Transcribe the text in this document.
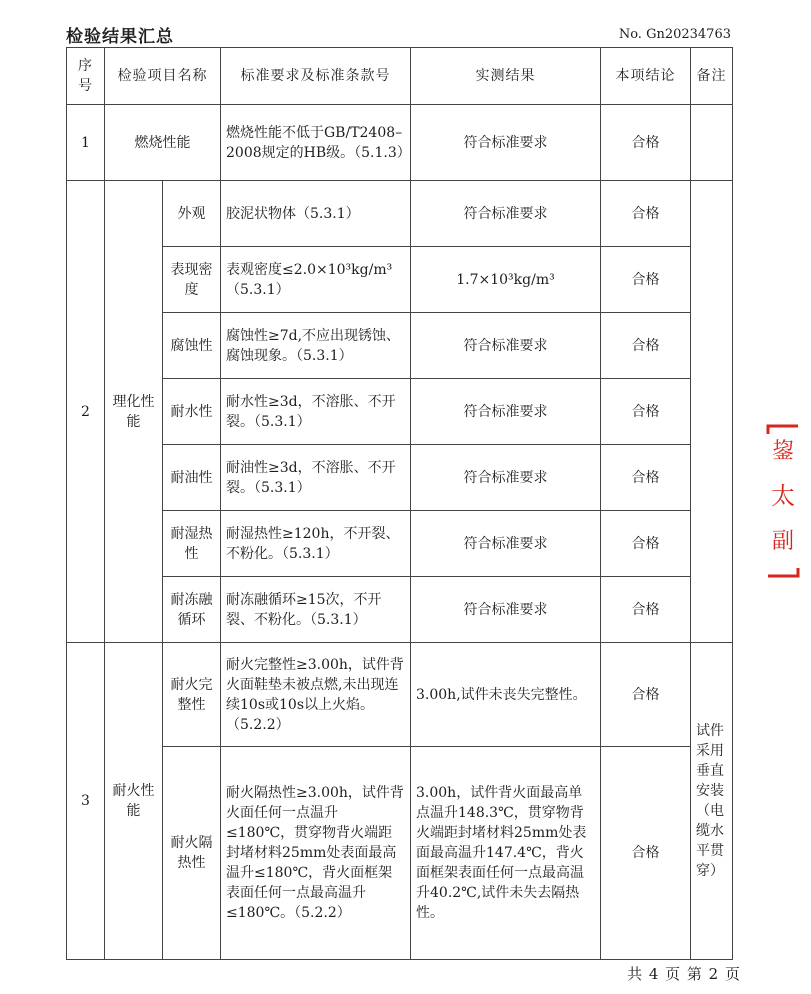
检验结果汇总	No. Gn20234763
序号	检验项目名称		标准要求及标准条款号	实测结果	本项结论	备注
1	燃烧性能		燃烧性能不低于GB/T2408–2008规定的HB级。（5.1.3）	符合标准要求	合格	
2	理化性能	外观	胶泥状物体（5.3.1）	符合标准要求	合格	
		表现密度	表观密度≤2.0×10³kg/m³（5.3.1）	1.7×10³kg/m³	合格	
		腐蚀性	腐蚀性≥7d,不应出现锈蚀、腐蚀现象。（5.3.1）	符合标准要求	合格	
		耐水性	耐水性≥3d，不溶胀、不开裂。（5.3.1）	符合标准要求	合格	
		耐油性	耐油性≥3d，不溶胀、不开裂。（5.3.1）	符合标准要求	合格	
		耐湿热性	耐湿热性≥120h，不开裂、不粉化。（5.3.1）	符合标准要求	合格	
		耐冻融循环	耐冻融循环≥15次，不开裂、不粉化。（5.3.1）	符合标准要求	合格	
3	耐火性能	耐火完整性	耐火完整性≥3.00h，试件背火面鞋垫未被点燃,未出现连续10s或10s以上火焰。（5.2.2）	3.00h,试件未丧失完整性。	合格	试件采用垂直安装（电缆水平贯穿）
		耐火隔热性	耐火隔热性≥3.00h，试件背火面任何一点温升≤180℃，贯穿物背火端距封堵材料25mm处表面最高温升≤180℃，背火面框架表面任何一点最高温升≤180℃。（5.2.2）	3.00h，试件背火面最高单点温升148.3℃，贯穿物背火端距封堵材料25mm处表面最高温升147.4℃，背火面框架表面任何一点最高温升40.2℃,试件未失去隔热性。	合格	
共 4 页 第 2 页
鋆
太
副
